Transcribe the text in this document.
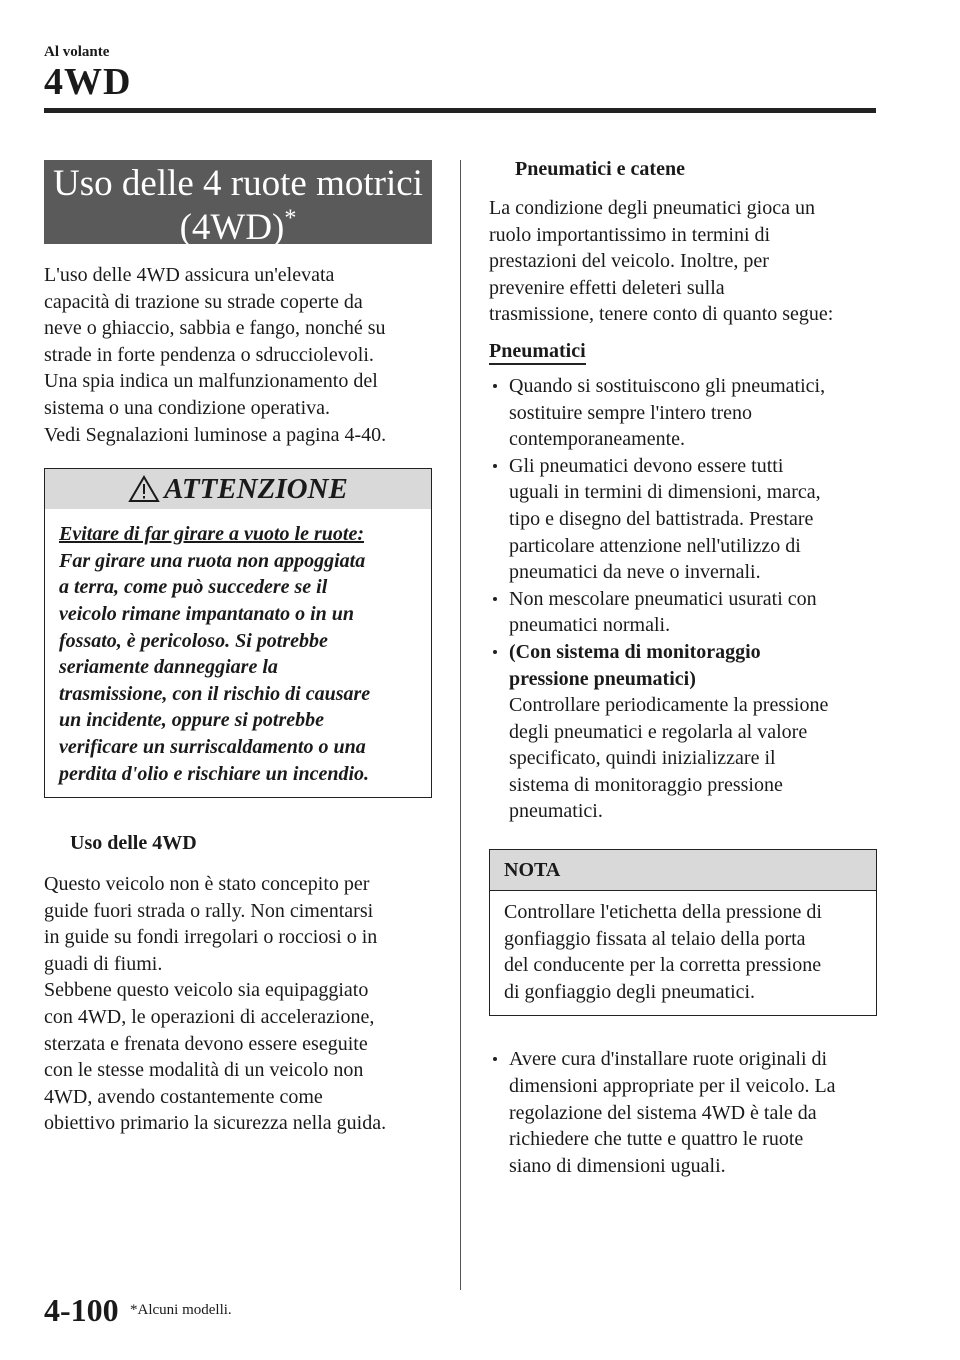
Al volante
4WD
Uso delle 4 ruote motrici
(4WD)*

L'uso delle 4WD assicura un'elevata

capacità di trazione su strade coperte da

neve o ghiaccio, sabbia e fango, nonché su

strade in forte pendenza o sdrucciolevoli.

Una spia indica un malfunzionamento del

sistema o una condizione operativa.

Vedi Segnalazioni luminose a pagina 4-40.

ATTENZIONE
Evitare di far girare a vuoto le ruote:
Far girare una ruota non appoggiata
a terra, come può succedere se il
veicolo rimane impantanato o in un
fossato, è pericoloso. Si potrebbe
seriamente danneggiare la
trasmissione, con il rischio di causare
un incidente, oppure si potrebbe
verificare un surriscaldamento o una
perdita d'olio e rischiare un incendio.
Uso delle 4WD
Questo veicolo non è stato concepito per
guide fuori strada o rally. Non cimentarsi
in guide su fondi irregolari o rocciosi o in
guadi di fiumi.
Sebbene questo veicolo sia equipaggiato
con 4WD, le operazioni di accelerazione,
sterzata e frenata devono essere eseguite
con le stesse modalità di un veicolo non
4WD, avendo costantemente come
obiettivo primario la sicurezza nella guida.
Pneumatici e catene
La condizione degli pneumatici gioca un
ruolo importantissimo in termini di
prestazioni del veicolo. Inoltre, per
prevenire effetti deleteri sulla
trasmissione, tenere conto di quanto segue:
Pneumatici
Quando si sostituiscono gli pneumatici,
sostituire sempre l'intero treno
contemporaneamente.
Gli pneumatici devono essere tutti
uguali in termini di dimensioni, marca,
tipo e disegno del battistrada. Prestare
particolare attenzione nell'utilizzo di
pneumatici da neve o invernali.
Non mescolare pneumatici usurati con
pneumatici normali.
(Con sistema di monitoraggio
pressione pneumatici)
Controllare periodicamente la pressione
degli pneumatici e regolarla al valore
specificato, quindi inizializzare il
sistema di monitoraggio pressione
pneumatici.
NOTA
Controllare l'etichetta della pressione di
gonfiaggio fissata al telaio della porta
del conducente per la corretta pressione
di gonfiaggio degli pneumatici.
Avere cura d'installare ruote originali di
dimensioni appropriate per il veicolo. La
regolazione del sistema 4WD è tale da
richiedere che tutte e quattro le ruote
siano di dimensioni uguali.
4-100 *Alcuni modelli.
